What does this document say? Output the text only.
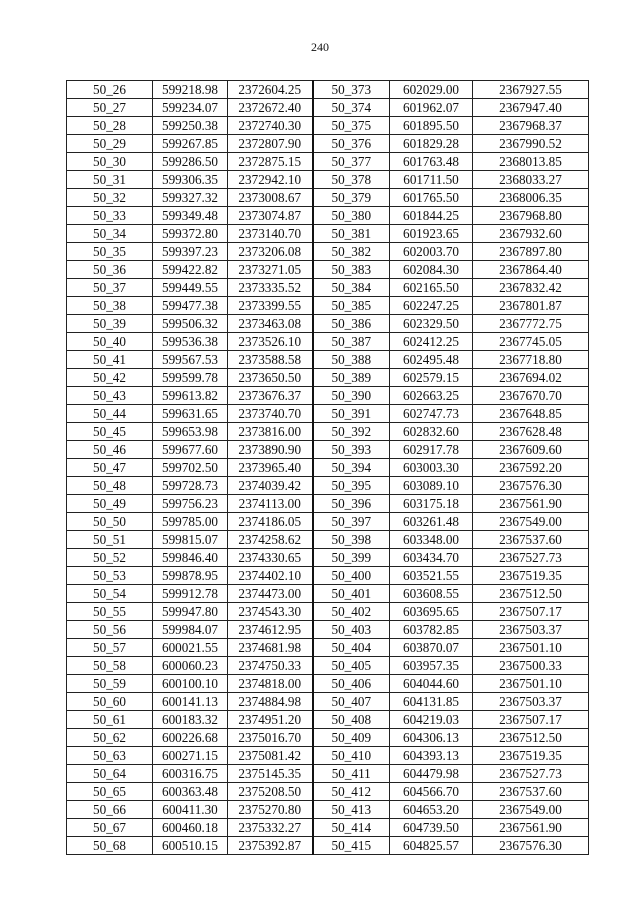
240
50_26	599218.98	2372604.25	50_373	602029.00	2367927.55
50_27	599234.07	2372672.40	50_374	601962.07	2367947.40
50_28	599250.38	2372740.30	50_375	601895.50	2367968.37
50_29	599267.85	2372807.90	50_376	601829.28	2367990.52
50_30	599286.50	2372875.15	50_377	601763.48	2368013.85
50_31	599306.35	2372942.10	50_378	601711.50	2368033.27
50_32	599327.32	2373008.67	50_379	601765.50	2368006.35
50_33	599349.48	2373074.87	50_380	601844.25	2367968.80
50_34	599372.80	2373140.70	50_381	601923.65	2367932.60
50_35	599397.23	2373206.08	50_382	602003.70	2367897.80
50_36	599422.82	2373271.05	50_383	602084.30	2367864.40
50_37	599449.55	2373335.52	50_384	602165.50	2367832.42
50_38	599477.38	2373399.55	50_385	602247.25	2367801.87
50_39	599506.32	2373463.08	50_386	602329.50	2367772.75
50_40	599536.38	2373526.10	50_387	602412.25	2367745.05
50_41	599567.53	2373588.58	50_388	602495.48	2367718.80
50_42	599599.78	2373650.50	50_389	602579.15	2367694.02
50_43	599613.82	2373676.37	50_390	602663.25	2367670.70
50_44	599631.65	2373740.70	50_391	602747.73	2367648.85
50_45	599653.98	2373816.00	50_392	602832.60	2367628.48
50_46	599677.60	2373890.90	50_393	602917.78	2367609.60
50_47	599702.50	2373965.40	50_394	603003.30	2367592.20
50_48	599728.73	2374039.42	50_395	603089.10	2367576.30
50_49	599756.23	2374113.00	50_396	603175.18	2367561.90
50_50	599785.00	2374186.05	50_397	603261.48	2367549.00
50_51	599815.07	2374258.62	50_398	603348.00	2367537.60
50_52	599846.40	2374330.65	50_399	603434.70	2367527.73
50_53	599878.95	2374402.10	50_400	603521.55	2367519.35
50_54	599912.78	2374473.00	50_401	603608.55	2367512.50
50_55	599947.80	2374543.30	50_402	603695.65	2367507.17
50_56	599984.07	2374612.95	50_403	603782.85	2367503.37
50_57	600021.55	2374681.98	50_404	603870.07	2367501.10
50_58	600060.23	2374750.33	50_405	603957.35	2367500.33
50_59	600100.10	2374818.00	50_406	604044.60	2367501.10
50_60	600141.13	2374884.98	50_407	604131.85	2367503.37
50_61	600183.32	2374951.20	50_408	604219.03	2367507.17
50_62	600226.68	2375016.70	50_409	604306.13	2367512.50
50_63	600271.15	2375081.42	50_410	604393.13	2367519.35
50_64	600316.75	2375145.35	50_411	604479.98	2367527.73
50_65	600363.48	2375208.50	50_412	604566.70	2367537.60
50_66	600411.30	2375270.80	50_413	604653.20	2367549.00
50_67	600460.18	2375332.27	50_414	604739.50	2367561.90
50_68	600510.15	2375392.87	50_415	604825.57	2367576.30
